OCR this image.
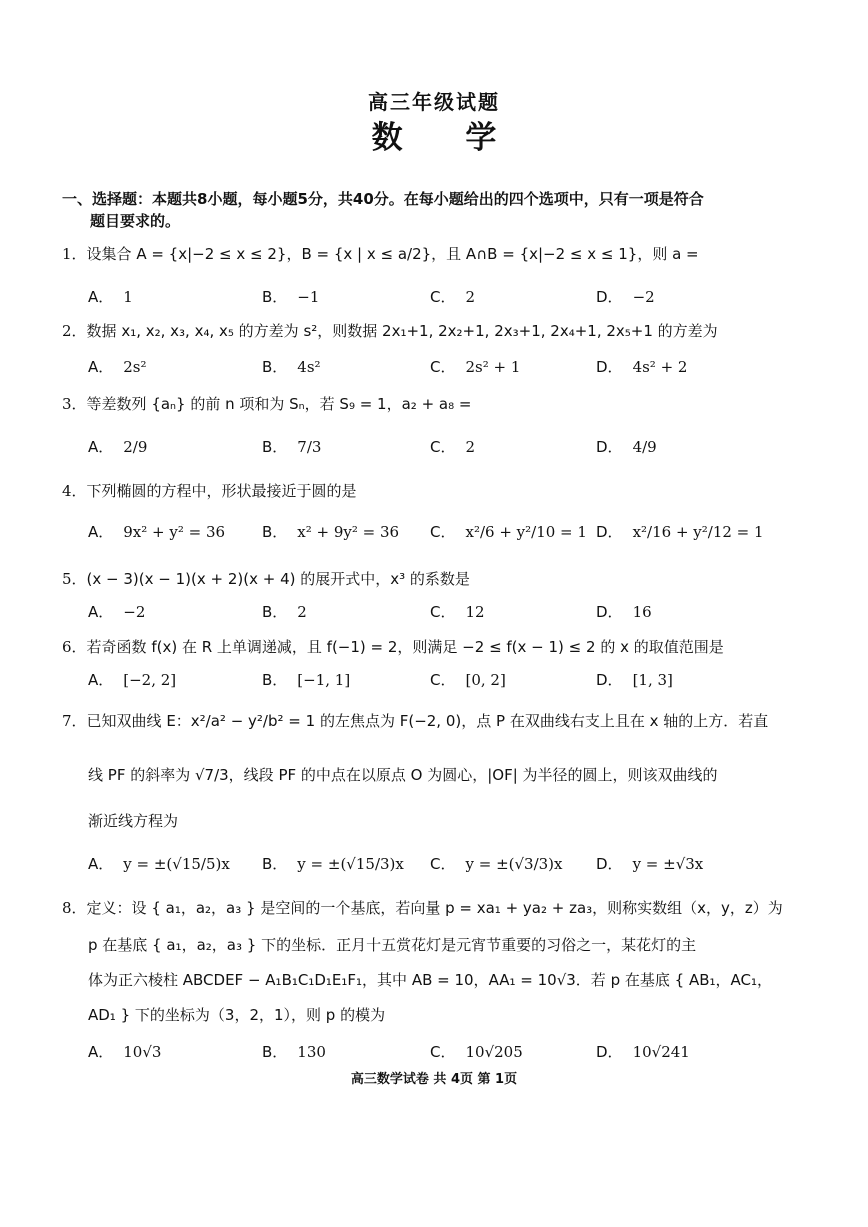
高三年级试题
数 学
一、选择题：本题共8小题，每小题5分，共40分。在每小题给出的四个选项中，只有一项是符合
题目要求的。
1．设集合 A = {x|−2 ≤ x ≤ 2}，B = {x | x ≤ a/2}，且 A∩B = {x|−2 ≤ x ≤ 1}，则 a =
A． 1	B． −1	C． 2	D． −2
2．数据 x₁, x₂, x₃, x₄, x₅ 的方差为 s²，则数据 2x₁+1, 2x₂+1, 2x₃+1, 2x₄+1, 2x₅+1 的方差为
A． 2s²	B． 4s²	C． 2s² + 1	D． 4s² + 2
3．等差数列 {aₙ} 的前 n 项和为 Sₙ，若 S₉ = 1，a₂ + a₈ =
A． 2/9	B． 7/3	C． 2	D． 4/9
4．下列椭圆的方程中，形状最接近于圆的是
A． 9x² + y² = 36 B． x² + 9y² = 36 C． x²/6 + y²/10 = 1 D． x²/16 + y²/12 = 1
5．(x − 3)(x − 1)(x + 2)(x + 4) 的展开式中，x³ 的系数是
A． −2	B． 2	C． 12	D． 16
6．若奇函数 f(x) 在 R 上单调递减，且 f(−1) = 2，则满足 −2 ≤ f(x − 1) ≤ 2 的 x 的取值范围是
A． [−2, 2]	B． [−1, 1]	C． [0, 2]	D． [1, 3]
7．已知双曲线 E：x²/a² − y²/b² = 1 的左焦点为 F(−2, 0)，点 P 在双曲线右支上且在 x 轴的上方．若直
线 PF 的斜率为 √7/3，线段 PF 的中点在以原点 O 为圆心，|OF| 为半径的圆上，则该双曲线的
渐近线方程为
A． y = ±(√15/5)x B． y = ±(√15/3)x C． y = ±(√3/3)x D． y = ±√3x
8．定义：设 { a₁，a₂，a₃ } 是空间的一个基底，若向量 p = xa₁ + ya₂ + za₃，则称实数组（x，y，z）为
p 在基底 { a₁，a₂，a₃ } 下的坐标．正月十五赏花灯是元宵节重要的习俗之一，某花灯的主
体为正六棱柱 ABCDEF − A₁B₁C₁D₁E₁F₁，其中 AB = 10，AA₁ = 10√3．若 p 在基底 { AB₁，AC₁，
AD₁ } 下的坐标为（3，2，1），则 p 的模为
A． 10√3	B． 130	C． 10√205	D． 10√241
高三数学试卷 共 4页 第 1页
